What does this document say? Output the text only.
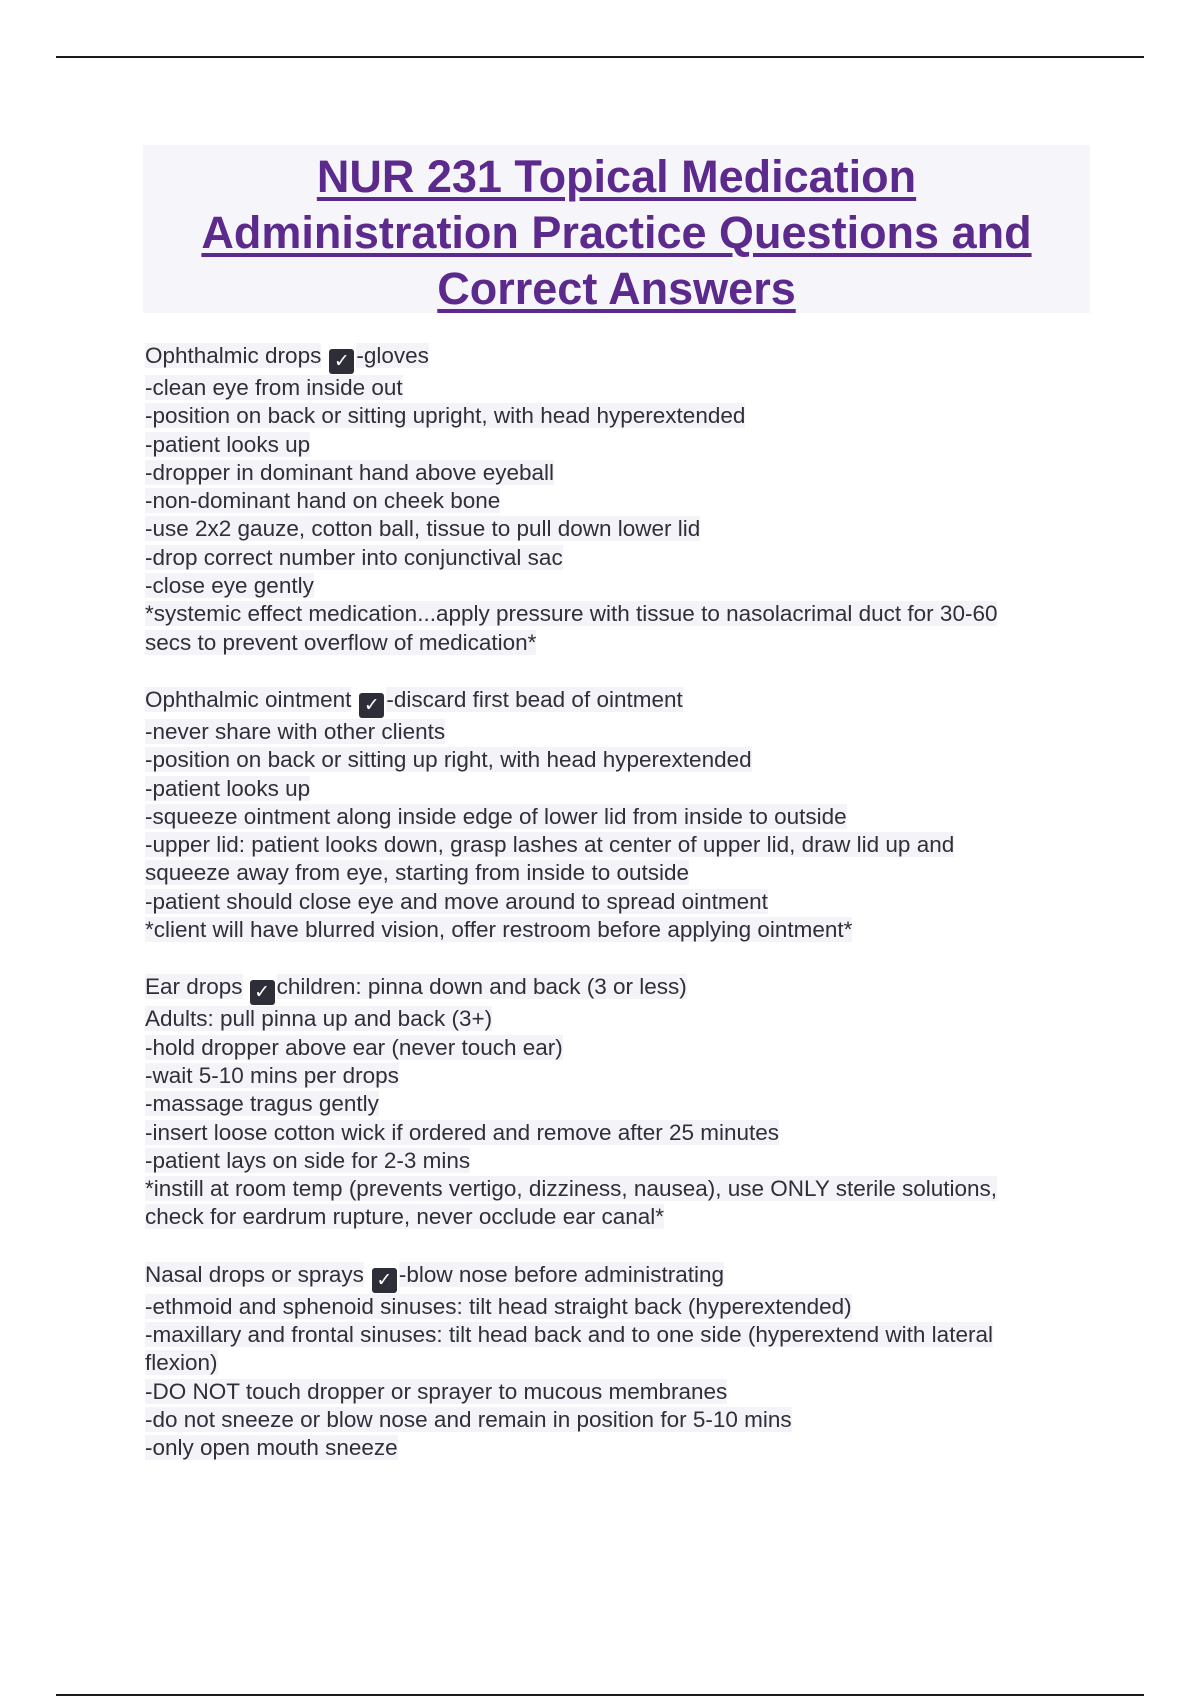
NUR 231 Topical Medication
Administration Practice Questions and
Correct Answers
Ophthalmic drops ✓ -gloves
-clean eye from inside out
-position on back or sitting upright, with head hyperextended
-patient looks up
-dropper in dominant hand above eyeball
-non-dominant hand on cheek bone
-use 2x2 gauze, cotton ball, tissue to pull down lower lid
-drop correct number into conjunctival sac
-close eye gently
*systemic effect medication...apply pressure with tissue to nasolacrimal duct for 30-60
secs to prevent overflow of medication*
Ophthalmic ointment ✓ -discard first bead of ointment
-never share with other clients
-position on back or sitting up right, with head hyperextended
-patient looks up
-squeeze ointment along inside edge of lower lid from inside to outside
-upper lid: patient looks down, grasp lashes at center of upper lid, draw lid up and
squeeze away from eye, starting from inside to outside
-patient should close eye and move around to spread ointment
*client will have blurred vision, offer restroom before applying ointment*
Ear drops ✓ children: pinna down and back (3 or less)
Adults: pull pinna up and back (3+)
-hold dropper above ear (never touch ear)
-wait 5-10 mins per drops
-massage tragus gently
-insert loose cotton wick if ordered and remove after 25 minutes
-patient lays on side for 2-3 mins
*instill at room temp (prevents vertigo, dizziness, nausea), use ONLY sterile solutions,
check for eardrum rupture, never occlude ear canal*
Nasal drops or sprays ✓ -blow nose before administrating
-ethmoid and sphenoid sinuses: tilt head straight back (hyperextended)
-maxillary and frontal sinuses: tilt head back and to one side (hyperextend with lateral
flexion)
-DO NOT touch dropper or sprayer to mucous membranes
-do not sneeze or blow nose and remain in position for 5-10 mins
-only open mouth sneeze
